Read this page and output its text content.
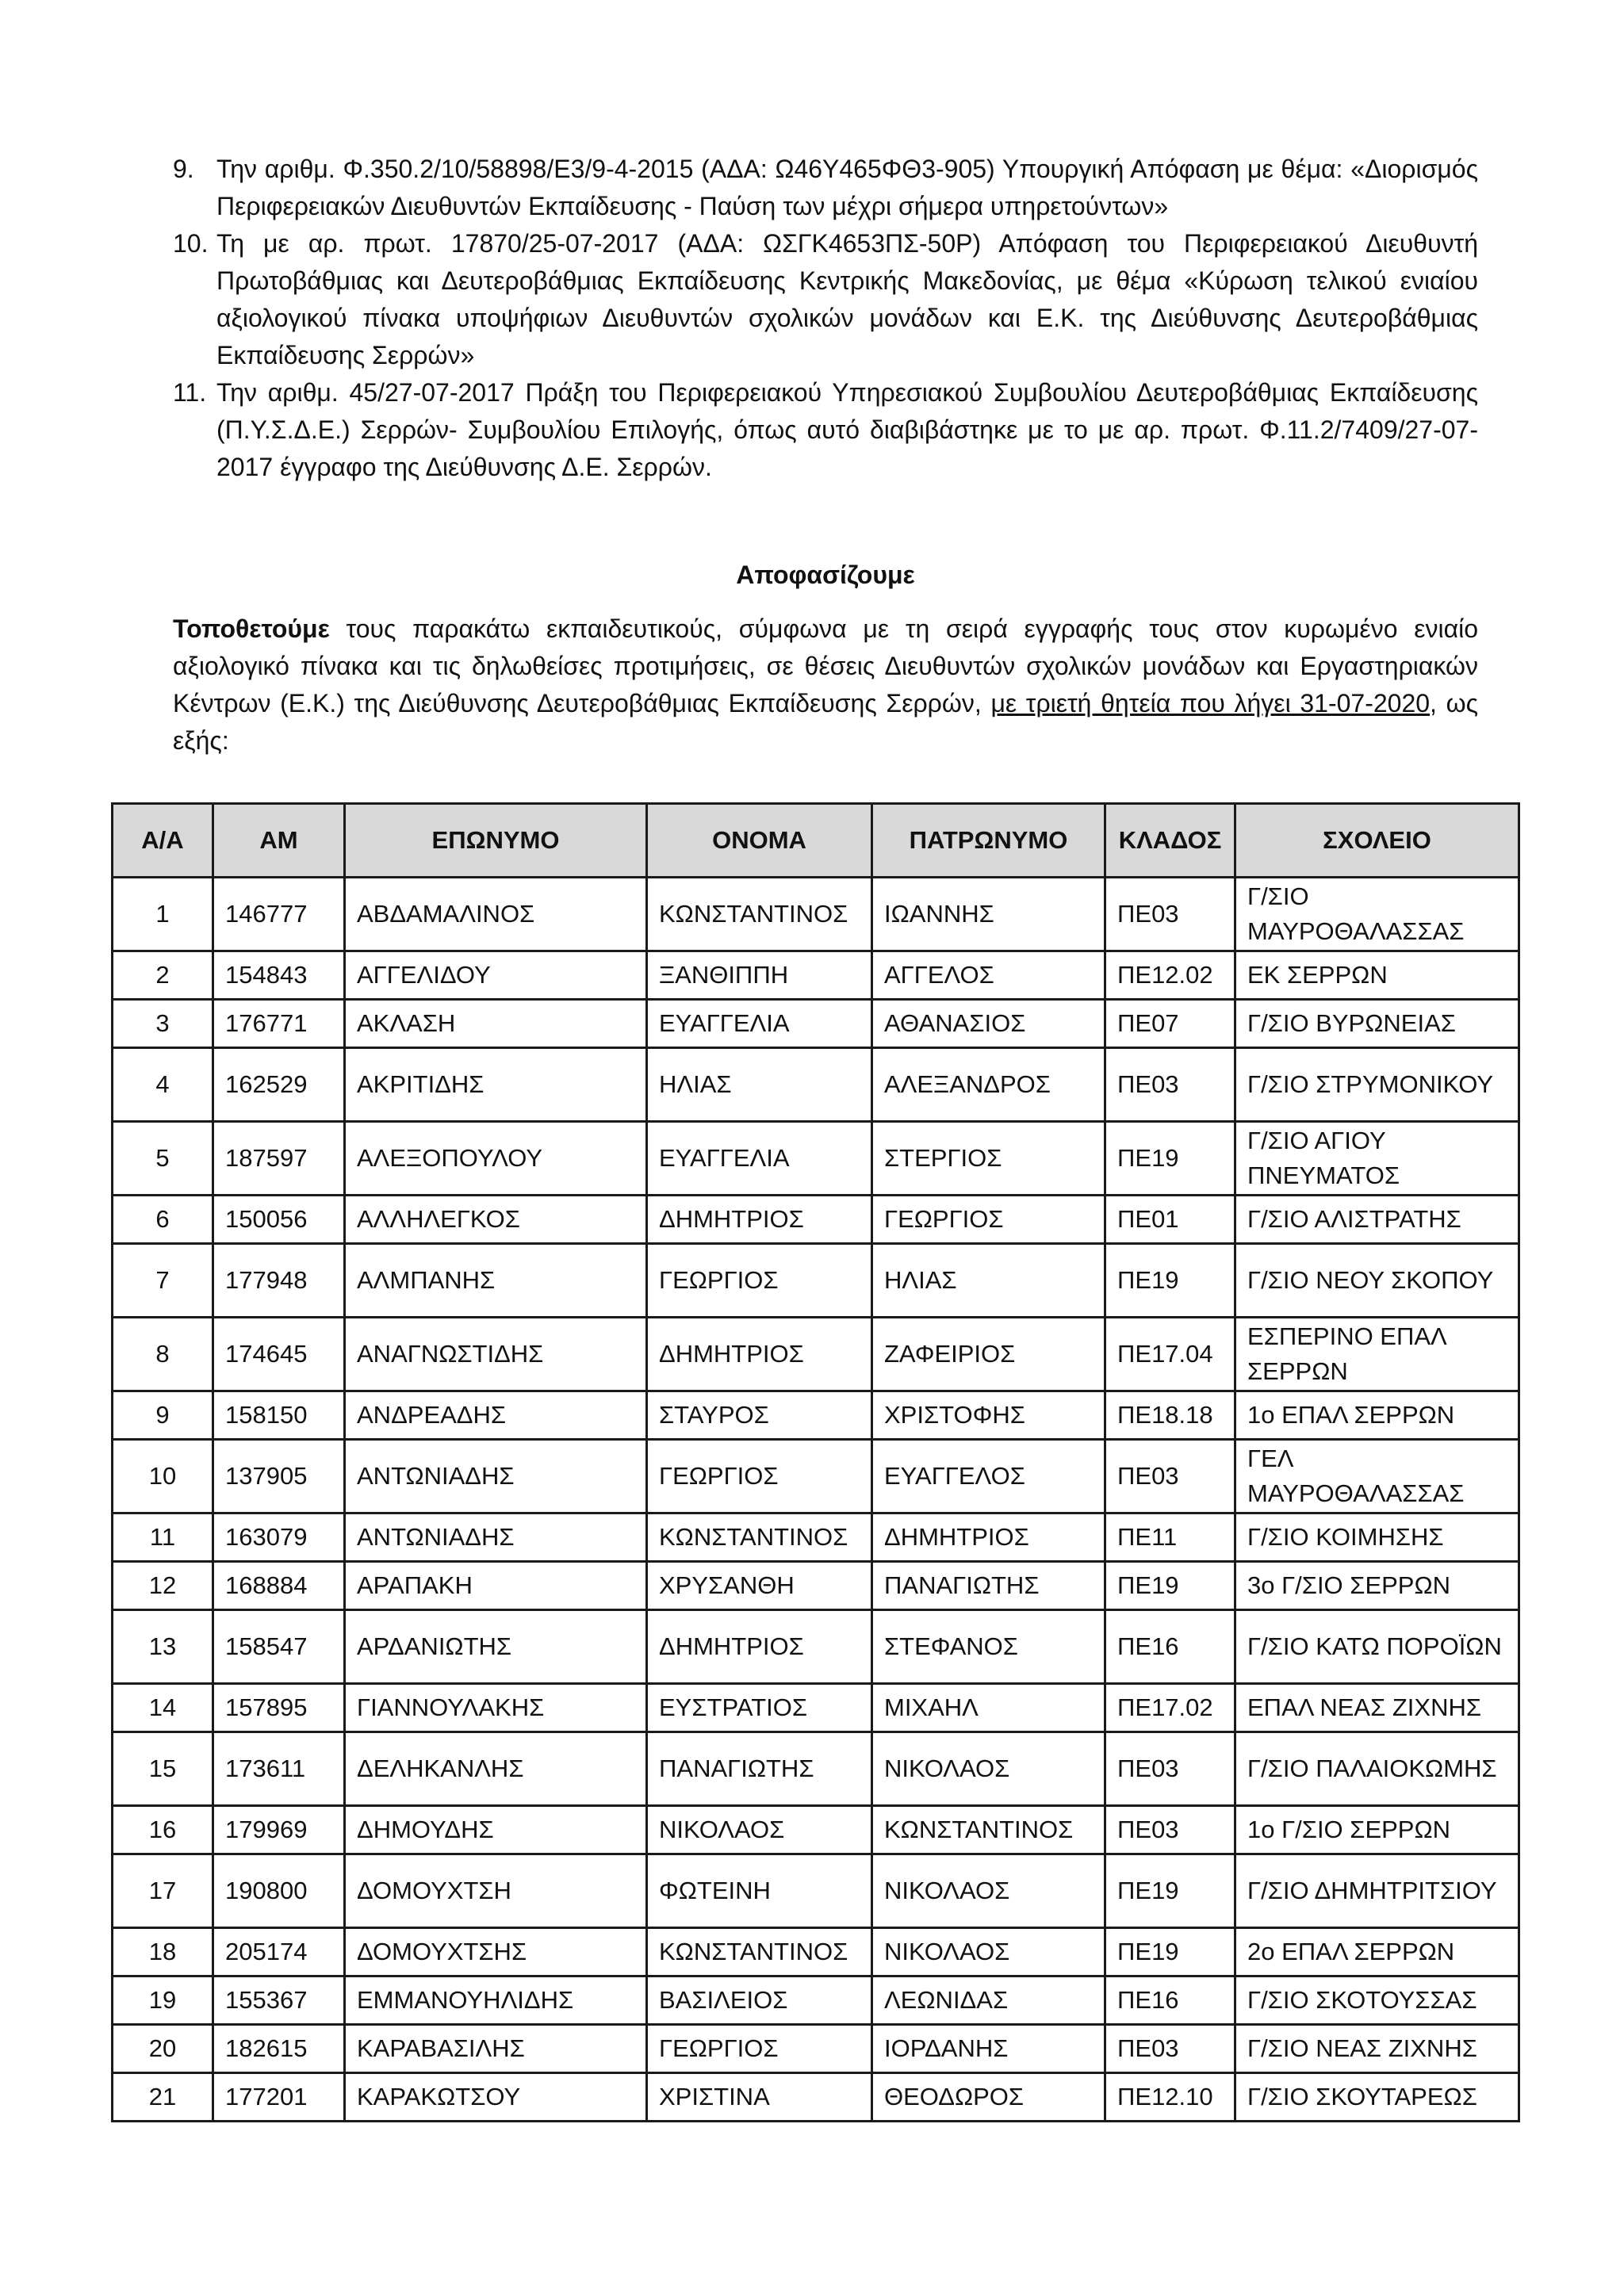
9. Την αριθμ. Φ.350.2/10/58898/Ε3/9-4-2015 (ΑΔΑ: Ω46Υ465ΦΘ3-905) Υπουργική Απόφαση με θέμα: «Διορισμός Περιφερειακών Διευθυντών Εκπαίδευσης - Παύση των μέχρι σήμερα υπηρετούντων»
10. Τη με αρ. πρωτ. 17870/25-07-2017 (ΑΔΑ: ΩΣΓΚ4653ΠΣ-50Ρ) Απόφαση του Περιφερειακού Διευθυντή Πρωτοβάθμιας και Δευτεροβάθμιας Εκπαίδευσης Κεντρικής Μακεδονίας, με θέμα «Κύρωση τελικού ενιαίου αξιολογικού πίνακα υποψήφιων Διευθυντών σχολικών μονάδων και Ε.Κ. της Διεύθυνσης Δευτεροβάθμιας Εκπαίδευσης Σερρών»
11. Την αριθμ. 45/27-07-2017 Πράξη του Περιφερειακού Υπηρεσιακού Συμβουλίου Δευτεροβάθμιας Εκπαίδευσης (Π.Υ.Σ.Δ.Ε.) Σερρών- Συμβουλίου Επιλογής, όπως αυτό διαβιβάστηκε με το με αρ. πρωτ. Φ.11.2/7409/27-07-2017 έγγραφο της Διεύθυνσης Δ.Ε. Σερρών.
Αποφασίζουμε

Τοποθετούμε τους παρακάτω εκπαιδευτικούς, σύμφωνα με τη σειρά εγγραφής τους στον κυρωμένο ενιαίο αξιολογικό πίνακα και τις δηλωθείσες προτιμήσεις, σε θέσεις Διευθυντών σχολικών μονάδων και Εργαστηριακών Κέντρων (Ε.Κ.) της Διεύθυνσης Δευτεροβάθμιας Εκπαίδευσης Σερρών, με τριετή θητεία που λήγει 31-07-2020, ως εξής:

Α/Α	ΑΜ	ΕΠΩΝΥΜΟ	ΟΝΟΜΑ	ΠΑΤΡΩΝΥΜΟ	ΚΛΑΔΟΣ	ΣΧΟΛΕΙΟ
1	146777	ΑΒΔΑΜΑΛΙΝΟΣ	ΚΩΝΣΤΑΝΤΙΝΟΣ	ΙΩΑΝΝΗΣ	ΠΕ03	Γ/ΣΙΟ ΜΑΥΡΟΘΑΛΑΣΣΑΣ
2	154843	ΑΓΓΕΛΙΔΟΥ	ΞΑΝΘΙΠΠΗ	ΑΓΓΕΛΟΣ	ΠΕ12.02	ΕΚ ΣΕΡΡΩΝ
3	176771	ΑΚΛΑΣΗ	ΕΥΑΓΓΕΛΙΑ	ΑΘΑΝΑΣΙΟΣ	ΠΕ07	Γ/ΣΙΟ ΒΥΡΩΝΕΙΑΣ
4	162529	ΑΚΡΙΤΙΔΗΣ	ΗΛΙΑΣ	ΑΛΕΞΑΝΔΡΟΣ	ΠΕ03	Γ/ΣΙΟ ΣΤΡΥΜΟΝΙΚΟΥ
5	187597	ΑΛΕΞΟΠΟΥΛΟΥ	ΕΥΑΓΓΕΛΙΑ	ΣΤΕΡΓΙΟΣ	ΠΕ19	Γ/ΣΙΟ ΑΓΙΟΥ ΠΝΕΥΜΑΤΟΣ
6	150056	ΑΛΛΗΛΕΓΚΟΣ	ΔΗΜΗΤΡΙΟΣ	ΓΕΩΡΓΙΟΣ	ΠΕ01	Γ/ΣΙΟ ΑΛΙΣΤΡΑΤΗΣ
7	177948	ΑΛΜΠΑΝΗΣ	ΓΕΩΡΓΙΟΣ	ΗΛΙΑΣ	ΠΕ19	Γ/ΣΙΟ ΝΕΟΥ ΣΚΟΠΟΥ
8	174645	ΑΝΑΓΝΩΣΤΙΔΗΣ	ΔΗΜΗΤΡΙΟΣ	ΖΑΦΕΙΡΙΟΣ	ΠΕ17.04	ΕΣΠΕΡΙΝΟ ΕΠΑΛ ΣΕΡΡΩΝ
9	158150	ΑΝΔΡΕΑΔΗΣ	ΣΤΑΥΡΟΣ	ΧΡΙΣΤΟΦΗΣ	ΠΕ18.18	1ο ΕΠΑΛ ΣΕΡΡΩΝ
10	137905	ΑΝΤΩΝΙΑΔΗΣ	ΓΕΩΡΓΙΟΣ	ΕΥΑΓΓΕΛΟΣ	ΠΕ03	ΓΕΛ ΜΑΥΡΟΘΑΛΑΣΣΑΣ
11	163079	ΑΝΤΩΝΙΑΔΗΣ	ΚΩΝΣΤΑΝΤΙΝΟΣ	ΔΗΜΗΤΡΙΟΣ	ΠΕ11	Γ/ΣΙΟ ΚΟΙΜΗΣΗΣ
12	168884	ΑΡΑΠΑΚΗ	ΧΡΥΣΑΝΘΗ	ΠΑΝΑΓΙΩΤΗΣ	ΠΕ19	3ο Γ/ΣΙΟ ΣΕΡΡΩΝ
13	158547	ΑΡΔΑΝΙΩΤΗΣ	ΔΗΜΗΤΡΙΟΣ	ΣΤΕΦΑΝΟΣ	ΠΕ16	Γ/ΣΙΟ ΚΑΤΩ ΠΟΡΟΪΩΝ
14	157895	ΓΙΑΝΝΟΥΛΑΚΗΣ	ΕΥΣΤΡΑΤΙΟΣ	ΜΙΧΑΗΛ	ΠΕ17.02	ΕΠΑΛ ΝΕΑΣ ΖΙΧΝΗΣ
15	173611	ΔΕΛΗΚΑΝΛΗΣ	ΠΑΝΑΓΙΩΤΗΣ	ΝΙΚΟΛΑΟΣ	ΠΕ03	Γ/ΣΙΟ ΠΑΛΑΙΟΚΩΜΗΣ
16	179969	ΔΗΜΟΥΔΗΣ	ΝΙΚΟΛΑΟΣ	ΚΩΝΣΤΑΝΤΙΝΟΣ	ΠΕ03	1ο Γ/ΣΙΟ ΣΕΡΡΩΝ
17	190800	ΔΟΜΟΥΧΤΣΗ	ΦΩΤΕΙΝΗ	ΝΙΚΟΛΑΟΣ	ΠΕ19	Γ/ΣΙΟ ΔΗΜΗΤΡΙΤΣΙΟΥ
18	205174	ΔΟΜΟΥΧΤΣΗΣ	ΚΩΝΣΤΑΝΤΙΝΟΣ	ΝΙΚΟΛΑΟΣ	ΠΕ19	2ο ΕΠΑΛ ΣΕΡΡΩΝ
19	155367	ΕΜΜΑΝΟΥΗΛΙΔΗΣ	ΒΑΣΙΛΕΙΟΣ	ΛΕΩΝΙΔΑΣ	ΠΕ16	Γ/ΣΙΟ ΣΚΟΤΟΥΣΣΑΣ
20	182615	ΚΑΡΑΒΑΣΙΛΗΣ	ΓΕΩΡΓΙΟΣ	ΙΟΡΔΑΝΗΣ	ΠΕ03	Γ/ΣΙΟ ΝΕΑΣ ΖΙΧΝΗΣ
21	177201	ΚΑΡΑΚΩΤΣΟΥ	ΧΡΙΣΤΙΝΑ	ΘΕΟΔΩΡΟΣ	ΠΕ12.10	Γ/ΣΙΟ ΣΚΟΥΤΑΡΕΩΣ
